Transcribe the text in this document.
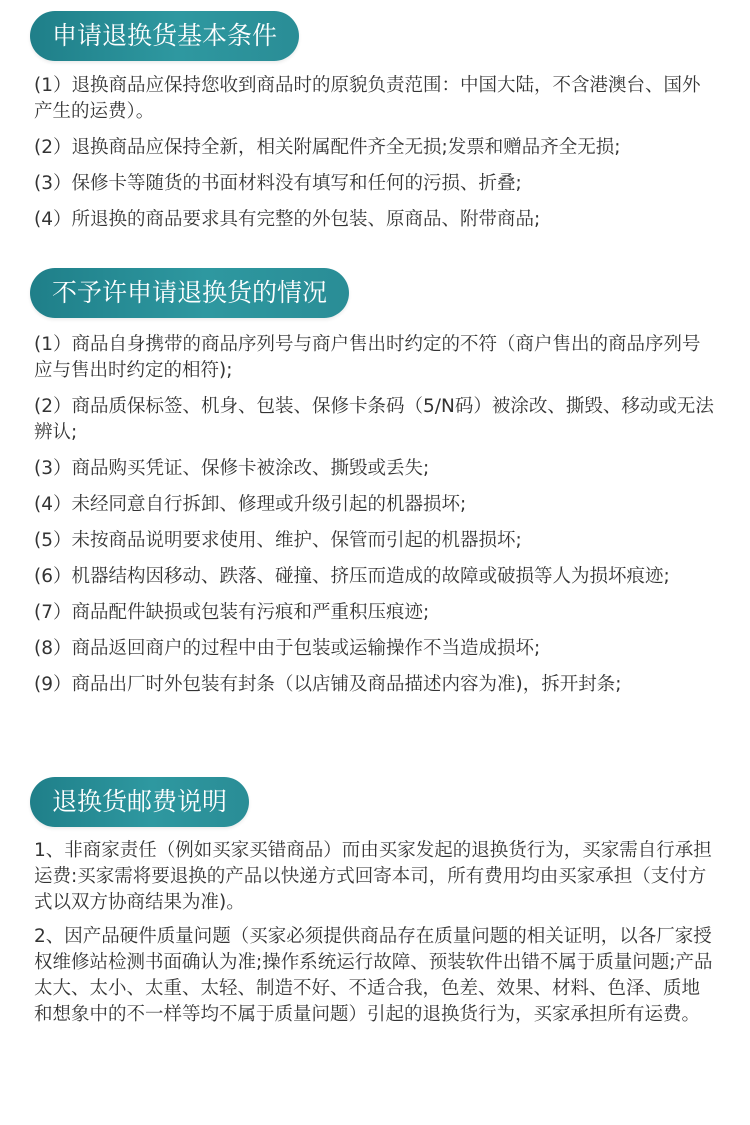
申请退换货基本条件
(1）退换商品应保持您收到商品时的原貌负责范围：中国大陆，不含港澳台、国外产生的运费）。
(2）退换商品应保持全新，相关附属配件齐全无损;发票和赠品齐全无损;
(3）保修卡等随货的书面材料没有填写和任何的污损、折叠;
(4）所退换的商品要求具有完整的外包装、原商品、附带商品;
不予许申请退换货的情况
(1）商品自身携带的商品序列号与商户售出时约定的不符（商户售出的商品序列号应与售出时约定的相符);
(2）商品质保标签、机身、包装、保修卡条码（5/N码）被涂改、撕毁、移动或无法辨认;
(3）商品购买凭证、保修卡被涂改、撕毁或丢失;
(4）未经同意自行拆卸、修理或升级引起的机器损坏;
(5）未按商品说明要求使用、维护、保管而引起的机器损坏;
(6）机器结构因移动、跌落、碰撞、挤压而造成的故障或破损等人为损坏痕迹;
(7）商品配件缺损或包装有污痕和严重积压痕迹;
(8）商品返回商户的过程中由于包装或运输操作不当造成损坏;
(9）商品出厂时外包装有封条（以店铺及商品描述内容为准)，拆开封条;
退换货邮费说明
1、非商家责任（例如买家买错商品）而由买家发起的退换货行为，买家需自行承担运费:买家需将要退换的产品以快递方式回寄本司，所有费用均由买家承担（支付方式以双方协商结果为准)。
2、因产品硬件质量问题（买家必须提供商品存在质量问题的相关证明，以各厂家授权维修站检测书面确认为准;操作系统运行故障、预装软件出错不属于质量问题;产品太大、太小、太重、太轻、制造不好、不适合我，色差、效果、材料、色泽、质地和想象中的不一样等均不属于质量问题）引起的退换货行为，买家承担所有运费。
